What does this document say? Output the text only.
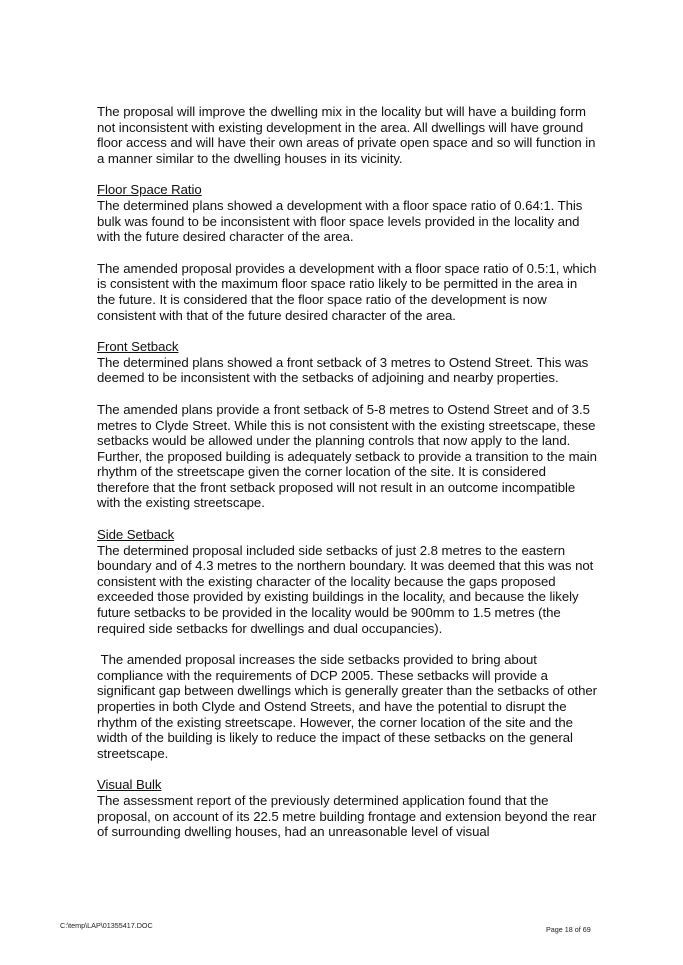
The proposal will improve the dwelling mix in the locality but will have a building form not inconsistent with existing development in the area. All dwellings will have ground floor access and will have their own areas of private open space and so will function in a manner similar to the dwelling houses in its vicinity.

Floor Space Ratio

The determined plans showed a development with a floor space ratio of 0.64:1. This bulk was found to be inconsistent with floor space levels provided in the locality and with the future desired character of the area.

The amended proposal provides a development with a floor space ratio of 0.5:1, which is consistent with the maximum floor space ratio likely to be permitted in the area in the future. It is considered that the floor space ratio of the development is now consistent with that of the future desired character of the area.

Front Setback

The determined plans showed a front setback of 3 metres to Ostend Street. This was deemed to be inconsistent with the setbacks of adjoining and nearby properties.

The amended plans provide a front setback of 5-8 metres to Ostend Street and of 3.5 metres to Clyde Street. While this is not consistent with the existing streetscape, these setbacks would be allowed under the planning controls that now apply to the land. Further, the proposed building is adequately setback to provide a transition to the main rhythm of the streetscape given the corner location of the site. It is considered therefore that the front setback proposed will not result in an outcome incompatible with the existing streetscape.

Side Setback

The determined proposal included side setbacks of just 2.8 metres to the eastern boundary and of 4.3 metres to the northern boundary. It was deemed that this was not consistent with the existing character of the locality because the gaps proposed exceeded those provided by existing buildings in the locality, and because the likely future setbacks to be provided in the locality would be 900mm to 1.5 metres (the required side setbacks for dwellings and dual occupancies).

The amended proposal increases the side setbacks provided to bring about compliance with the requirements of DCP 2005. These setbacks will provide a significant gap between dwellings which is generally greater than the setbacks of other properties in both Clyde and Ostend Streets, and have the potential to disrupt the rhythm of the existing streetscape. However, the corner location of the site and the width of the building is likely to reduce the impact of these setbacks on the general streetscape.

Visual Bulk

The assessment report of the previously determined application found that the proposal, on account of its 22.5 metre building frontage and extension beyond the rear of surrounding dwelling houses, had an unreasonable level of visual

C:\temp\LAP\01355417.DOC	Page 18 of 69
